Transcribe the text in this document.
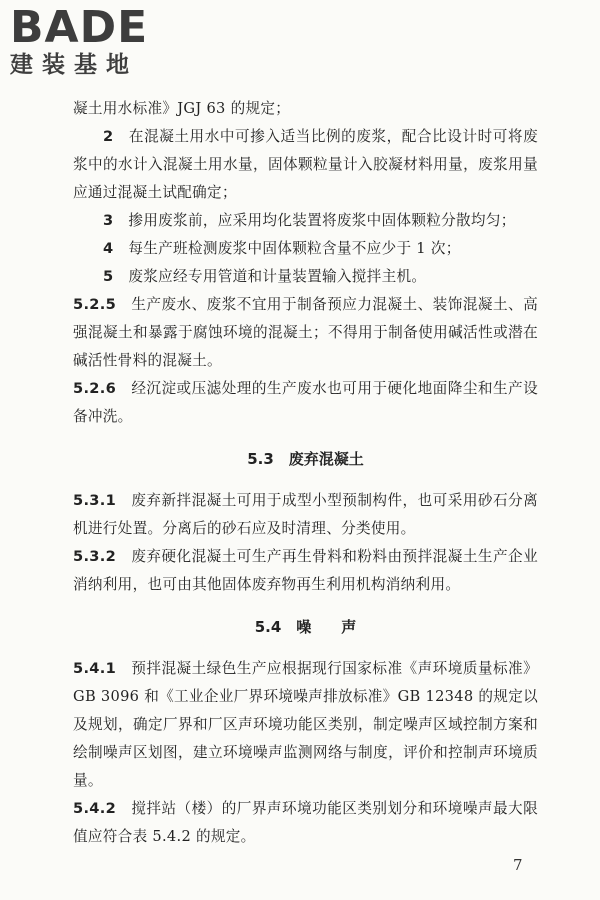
BADE
建装基地

凝土用水标准》JGJ 63 的规定；

2　 在混凝土用水中可掺入适当比例的废浆，配合比设计时可将废浆中的水计入混凝土用水量，固体颗粒量计入胶凝材料用量，废浆用量应通过混凝土试配确定；

3　 掺用废浆前，应采用均化装置将废浆中固体颗粒分散均匀；

4　 每生产班检测废浆中固体颗粒含量不应少于 1 次；

5　 废浆应经专用管道和计量装置输入搅拌主机。

5.2.5　 生产废水、废浆不宜用于制备预应力混凝土、装饰混凝土、高强混凝土和暴露于腐蚀环境的混凝土；不得用于制备使用碱活性或潜在碱活性骨料的混凝土。

5.2.6　 经沉淀或压滤处理的生产废水也可用于硬化地面降尘和生产设备冲洗。

5.3　废弃混凝土

5.3.1　 废弃新拌混凝土可用于成型小型预制构件，也可采用砂石分离机进行处置。分离后的砂石应及时清理、分类使用。

5.3.2　 废弃硬化混凝土可生产再生骨料和粉料由预拌混凝土生产企业消纳利用，也可由其他固体废弃物再生利用机构消纳利用。

5.4　噪　　声

5.4.1　 预拌混凝土绿色生产应根据现行国家标准《声环境质量标准》GB 3096 和《工业企业厂界环境噪声排放标准》GB 12348 的规定以及规划，确定厂界和厂区声环境功能区类别，制定噪声区域控制方案和绘制噪声区划图，建立环境噪声监测网络与制度，评价和控制声环境质量。

5.4.2　 搅拌站（楼）的厂界声环境功能区类别划分和环境噪声最大限值应符合表 5.4.2 的规定。

7
